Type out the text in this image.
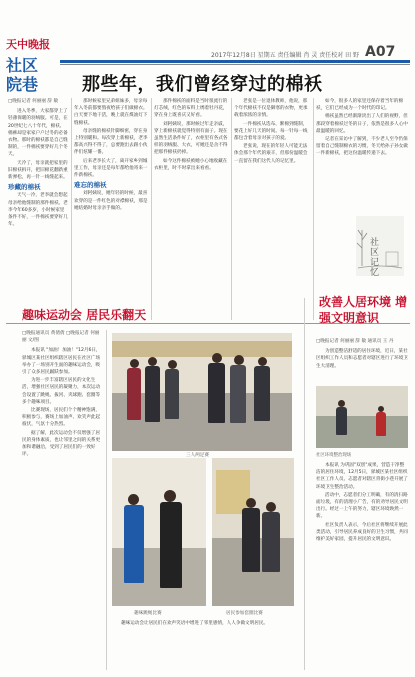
天中晚报
社区院巷
2017年12月8日 星期五 责任编辑 肖 灵 责任校对 田 野 A07
那些年，我们曾经穿过的棉袄
□晚报记者 何丽丽 辞 敏

进入冬季，大家都穿上了轻薄保暖的羽绒服。可是，在20世纪七八十年代，棉袄、棉裤却是家家户户过冬的必备衣物。那时的棉袄都是自己缝制的，一件棉袄要穿好几个冬天。

天冷了，母亲就把家里的旧棉袄拆开，把旧棉花翻新重新弹松，再一针一线缝起来。

珍藏的棉袄

天气一冷，老李就会想起母亲给他缝制的那件棉袄。老李今年60多岁，小时候家里条件不好，一件棉袄要穿好几年。

那时候家里兄弟姐妹多，母亲每年入冬前都要熬夜给孩子们做棉衣。白天要下地干活，晚上就在煤油灯下缝棉袄。

母亲缝的棉袄针脚细密，穿在身上特别暖和。每次穿上新棉袄，老李都高兴得不得了，总要跑出去跟小伙伴们炫耀一番。

后来老李长大了，离开家乡到城里工作，母亲还是每年都给他寄来一件新棉袄。

难忘的棉袄

刘阿姨说，她年轻的时候，最喜欢穿的是一件红色的对襟棉袄，那是她结婚时母亲亲手做的。

那件棉袄的面料是当时很流行的灯芯绒，红色的布料上绣着牡丹花，穿在身上既喜庆又好看。

刘阿姨说，那时候过年走亲戚，穿上新棉袄就觉得特别有面子。现在虽然生活条件好了，衣柜里有各式各样的羽绒服、大衣，可她还是舍不得把那件棉袄扔掉。

如今这件棉袄被她小心地收藏在衣柜里，时不时拿出来看看。

老张是一位退休教师，他说，那个年代棉袄不仅是御寒的衣物，更承载着浓浓的亲情。

一件棉袄从选布、絮棉到缝制，要花上好几天的时间。每一针每一线都包含着母亲对孩子的爱。

老张说，现在的年轻人可能无法体会那个年代的艰辛，但那份温暖会一直留在我们这代人的记忆里。

如今，很多人的家里还保存着当年的棉袄，它们已经成为一个时代的印记。

棉袄虽然已经渐渐淡出了人们的视野，但那段穿着棉袄过冬的日子，依然是很多人心中最温暖的回忆。

记者在采访中了解到，不少老人至今仍保留着自己缝制棉衣的习惯，冬天给孙子孙女做一件新棉袄，把这份温暖传递下去。

社区记忆
趣味运动会 居民乐翻天
□晚报通讯员 黄倩倩 □晚报记者 何丽丽 文/图

本报讯 "加油！加油！"12月6日，驿城区某社区组织辖区居民在社区广场举办了一场别开生面的趣味运动会，吸引了众多居民踊跃参加。

为进一步丰富辖区居民的文化生活，增强社区居民的凝聚力，本次运动会设置了跳绳、拔河、夹球跑、套圈等多个趣味项目。

比赛现场，居民们个个精神饱满，积极参与，赛场上加油声、欢笑声此起彼伏，气氛十分热烈。

据了解，此次运动会不仅增强了居民的身体素质，也让邻里之间的关系更加和谐融洽，受到了居民们的一致好评。	三人两足赛
趣味跳绳比赛	居民参加套圈比赛

趣味运动会让居民们在欢声笑语中增进了邻里感情，人人争做文明居民。

改善人居环境 增强文明意识
□晚报记者 何丽丽 辞 敏 通讯员 王 丹

为创造整洁舒适的居住环境，近日，某社区组织工作人员和志愿者对辖区进行了环境卫生大清理。

本报讯 为巩固"双创"成果，营造干净整洁的居住环境，12月5日，驿城区某社区组织社区工作人员、志愿者对辖区背街小巷开展了环境卫生整治活动。

活动中，志愿者们分工明确，有的清扫路面垃圾，有的清理小广告，有的劝导居民文明出行。经过一上午的努力，辖区环境焕然一新。

社区负责人表示，今后社区将继续开展此类活动，引导居民养成良好的卫生习惯，共同维护美好家园，提升居民的文明意识。

社区环境整治现场
